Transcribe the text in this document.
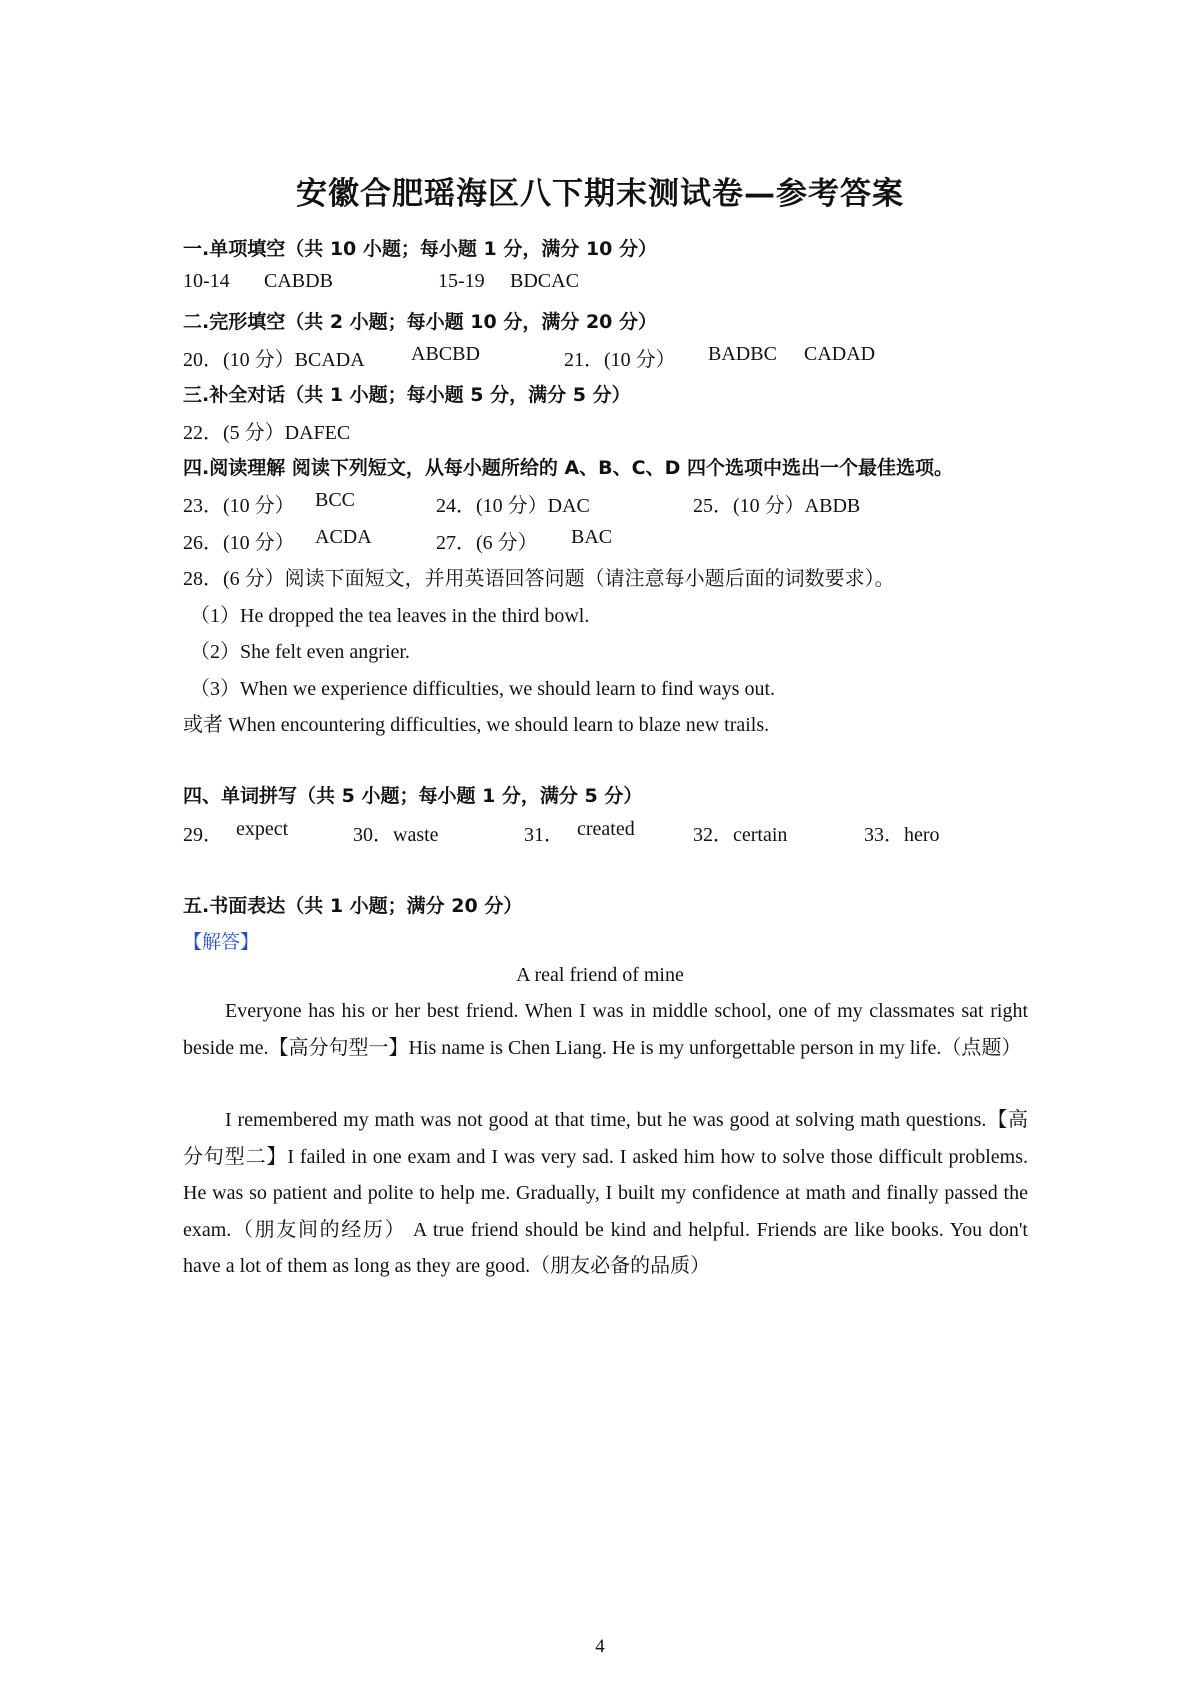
安徽合肥瑶海区八下期末测试卷—参考答案
一.单项填空（共 10 小题；每小题 1 分，满分 10 分）
10-14 CABDB	15-19 BDCAC
二.完形填空（共 2 小题；每小题 10 分，满分 20 分）
20．(10 分）BCADA ABCBD	21．(10 分） BADBC CADAD
三.补全对话（共 1 小题；每小题 5 分，满分 5 分）
22．(5 分）DAFEC
四.阅读理解 阅读下列短文，从每小题所给的 A、B、C、D 四个选项中选出一个最佳选项。
23．(10 分） BCC	24．(10 分）DAC	25．(10 分）ABDB
26．(10 分） ACDA	27．(6 分） BAC
28．(6 分）阅读下面短文，并用英语回答问题（请注意每小题后面的词数要求）。
（1）He dropped the tea leaves in the third bowl.
（2）She felt even angrier.
（3）When we experience difficulties, we should learn to find ways out.
或者 When encountering difficulties, we should learn to blaze new trails.
四、单词拼写（共 5 小题；每小题 1 分，满分 5 分）
29． expect	30．waste	31． created	32．certain	33．hero
五.书面表达（共 1 小题；满分 20 分）
【解答】
A real friend of mine
Everyone has his or her best friend. When I was in middle school, one of my classmates sat right beside me.【高分句型一】His name is Chen Liang. He is my unforgettable person in my life.（点题）
I remembered my math was not good at that time, but he was good at solving math questions.【高分句型二】I failed in one exam and I was very sad. I asked him how to solve those difficult problems. He was so patient and polite to help me. Gradually, I built my confidence at math and finally passed the exam.（朋友间的经历） A true friend should be kind and helpful. Friends are like books. You don't have a lot of them as long as they are good.（朋友必备的品质）
4
